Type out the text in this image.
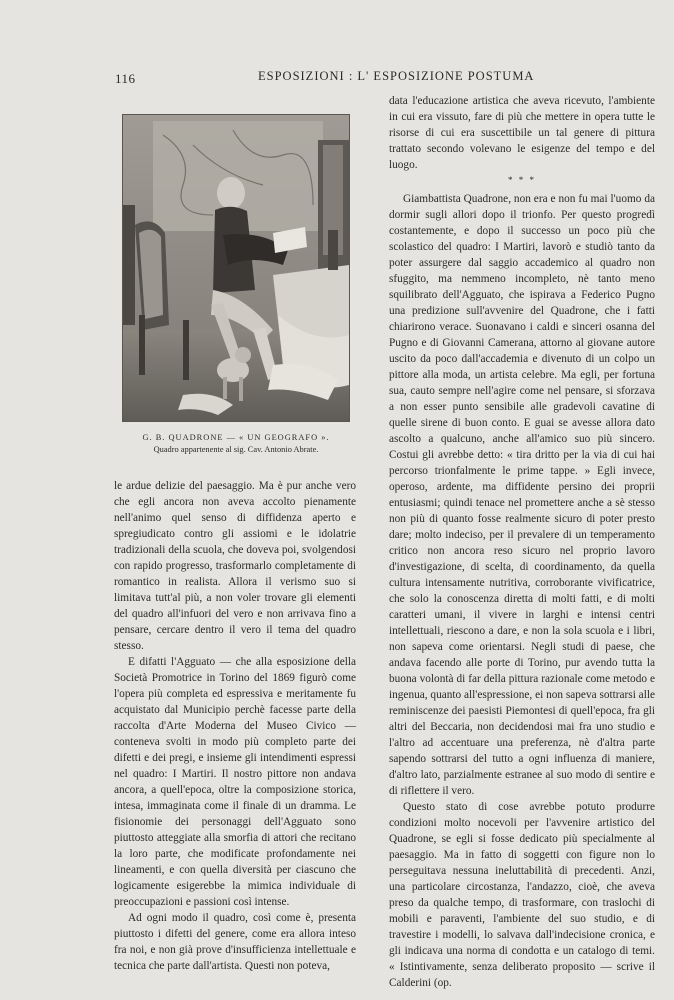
116	ESPOSIZIONI : L' ESPOSIZIONE POSTUMA
G. B. QUADRONE — « UN GEOGRAFO ».
Quadro appartenente al sig. Cav. Antonio Abrate.

le ardue delizie del paesaggio. Ma è pur anche vero che egli ancora non aveva accolto pienamente nell'animo quel senso di diffidenza aperto e spregiudicato contro gli assiomi e le idolatrie tradizionali della scuola, che doveva poi, svolgendosi con rapido progresso, trasformarlo completamente di romantico in realista. Allora il verismo suo si limitava tutt'al più, a non voler trovare gli elementi del quadro all'infuori del vero e non arrivava fino a pensare, cercare dentro il vero il tema del quadro stesso.

E difatti l'Agguato — che alla esposizione della Società Promotrice in Torino del 1869 figurò come l'opera più completa ed espressiva e meritamente fu acquistato dal Municipio perchè facesse parte della raccolta d'Arte Moderna del Museo Civico — conteneva svolti in modo più completo parte dei difetti e dei pregi, e insieme gli intendimenti espressi nel quadro: I Martiri. Il nostro pittore non andava ancora, a quell'epoca, oltre la composizione storica, intesa, immaginata come il finale di un dramma. Le fisionomie dei personaggi dell'Agguato sono piuttosto atteggiate alla smorfia di attori che recitano la loro parte, che modificate profondamente nei lineamenti, e con quella diversità per ciascuno che logicamente esigerebbe la mimica individuale di preoccupazioni e passioni così intense.

Ad ogni modo il quadro, così come è, presenta piuttosto i difetti del genere, come era allora inteso fra noi, e non già prove d'insufficienza intellettuale e tecnica che parte dall'artista. Questi non poteva,

data l'educazione artistica che aveva ricevuto, l'ambiente in cui era vissuto, fare di più che mettere in opera tutte le risorse di cui era suscettibile un tal genere di pittura trattato secondo volevano le esigenze del tempo e del luogo.

* * *

Giambattista Quadrone, non era e non fu mai l'uomo da dormir sugli allori dopo il trionfo. Per questo progredì costantemente, e dopo il successo un poco più che scolastico del quadro: I Martiri, lavorò e studiò tanto da poter assurgere dal saggio accademico al quadro non sfuggito, ma nemmeno incompleto, nè tanto meno squilibrato dell'Agguato, che ispirava a Federico Pugno una predizione sull'avvenire del Quadrone, che i fatti chiarirono verace. Suonavano i caldi e sinceri osanna del Pugno e di Giovanni Camerana, attorno al giovane autore uscito da poco dall'accademia e divenuto di un colpo un pittore alla moda, un artista celebre. Ma egli, per fortuna sua, cauto sempre nell'agire come nel pensare, si sforzava a non esser punto sensibile alle gradevoli cavatine di quelle sirene di buon conto. E guai se avesse allora dato ascolto a qualcuno, anche all'amico suo più sincero. Costui gli avrebbe detto: « tira dritto per la via di cui hai percorso trionfalmente le prime tappe. » Egli invece, operoso, ardente, ma diffidente persino dei proprii entusiasmi; quindi tenace nel promettere anche a sè stesso non più di quanto fosse realmente sicuro di poter presto dare; molto indeciso, per il prevalere di un temperamento critico non ancora reso sicuro nel proprio lavoro d'investigazione, di scelta, di coordinamento, da quella cultura intensamente nutritiva, corroborante vivificatrice, che solo la conoscenza diretta di molti fatti, e di molti caratteri umani, il vivere in larghi e intensi centri intellettuali, riescono a dare, e non la sola scuola e i libri, non sapeva come orientarsi. Negli studi di paese, che andava facendo alle porte di Torino, pur avendo tutta la buona volontà di far della pittura razionale come metodo e ingenua, quanto all'espressione, ei non sapeva sottrarsi alle reminiscenze dei paesisti Piemontesi di quell'epoca, fra gli altri del Beccaria, non decidendosi mai fra uno studio e l'altro ad accentuare una preferenza, nè d'altra parte sapendo sottrarsi del tutto a ogni influenza di maniere, d'altro lato, parzialmente estranee al suo modo di sentire e di riflettere il vero.

Questo stato di cose avrebbe potuto produrre condizioni molto nocevoli per l'avvenire artistico del Quadrone, se egli si fosse dedicato più specialmente al paesaggio. Ma in fatto di soggetti con figure non lo perseguitava nessuna ineluttabilità di precedenti. Anzi, una particolare circostanza, l'andazzo, cioè, che aveva preso da qualche tempo, di trasformare, con traslochi di mobili e paraventi, l'ambiente del suo studio, e di travestire i modelli, lo salvava dall'indecisione cronica, e gli indicava una norma di condotta e un catalogo di temi. « Istintivamente, senza deliberato proposito — scrive il Calderini (op.
